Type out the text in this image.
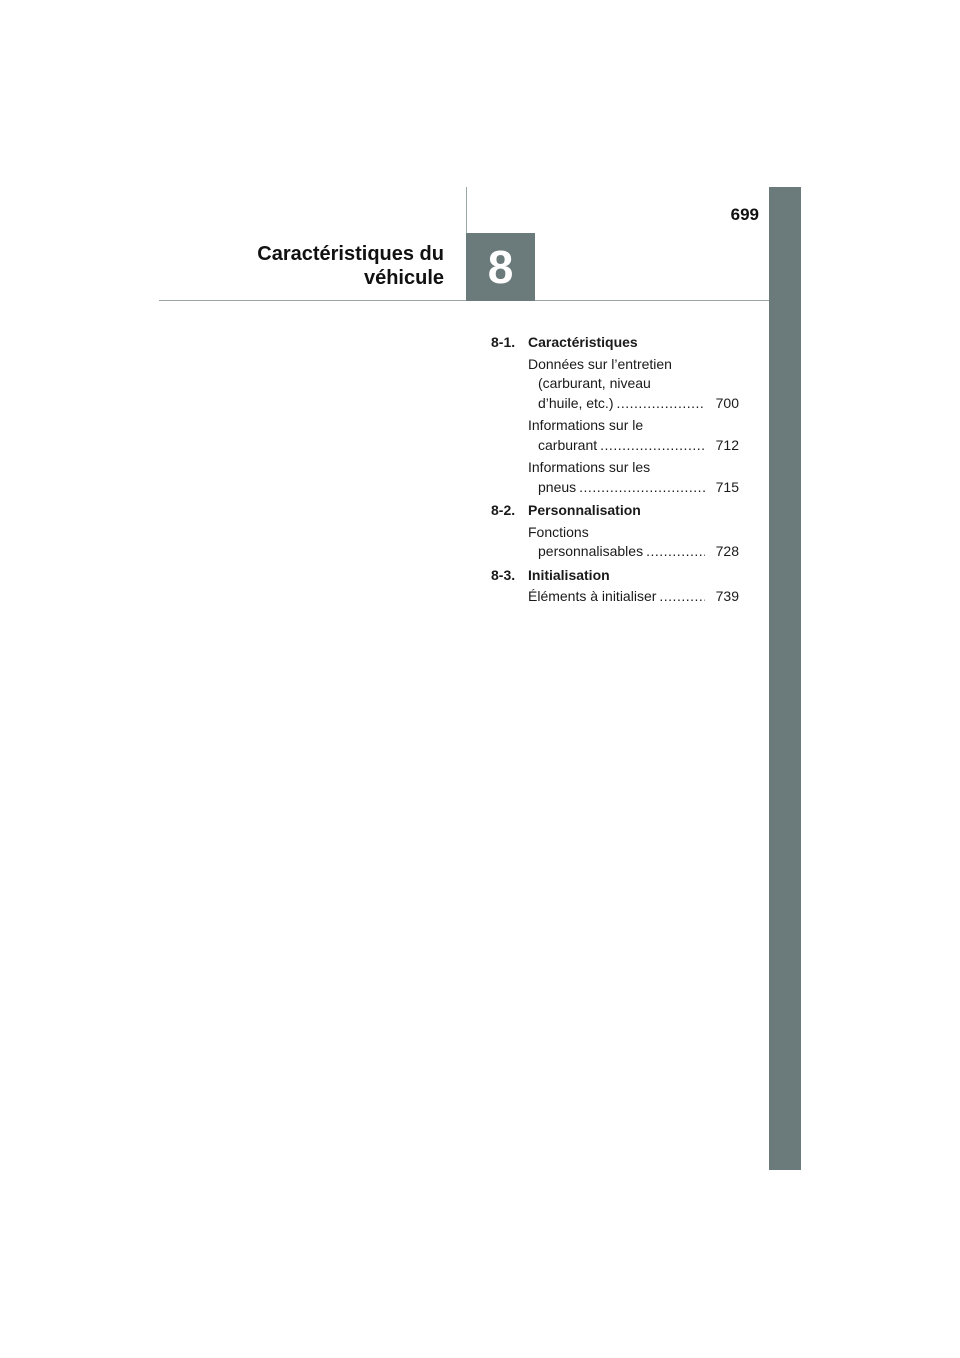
699
Caractéristiques du
véhicule 8
8-1. Caractéristiques
Données sur l’entretien
(carburant, niveau
d’huile, etc.) .....	700
Informations sur le
carburant .....	712
Informations sur les
pneus .....	715
8-2. Personnalisation
Fonctions
personnalisables .....	728
8-3. Initialisation
Éléments à initialiser .....	739
